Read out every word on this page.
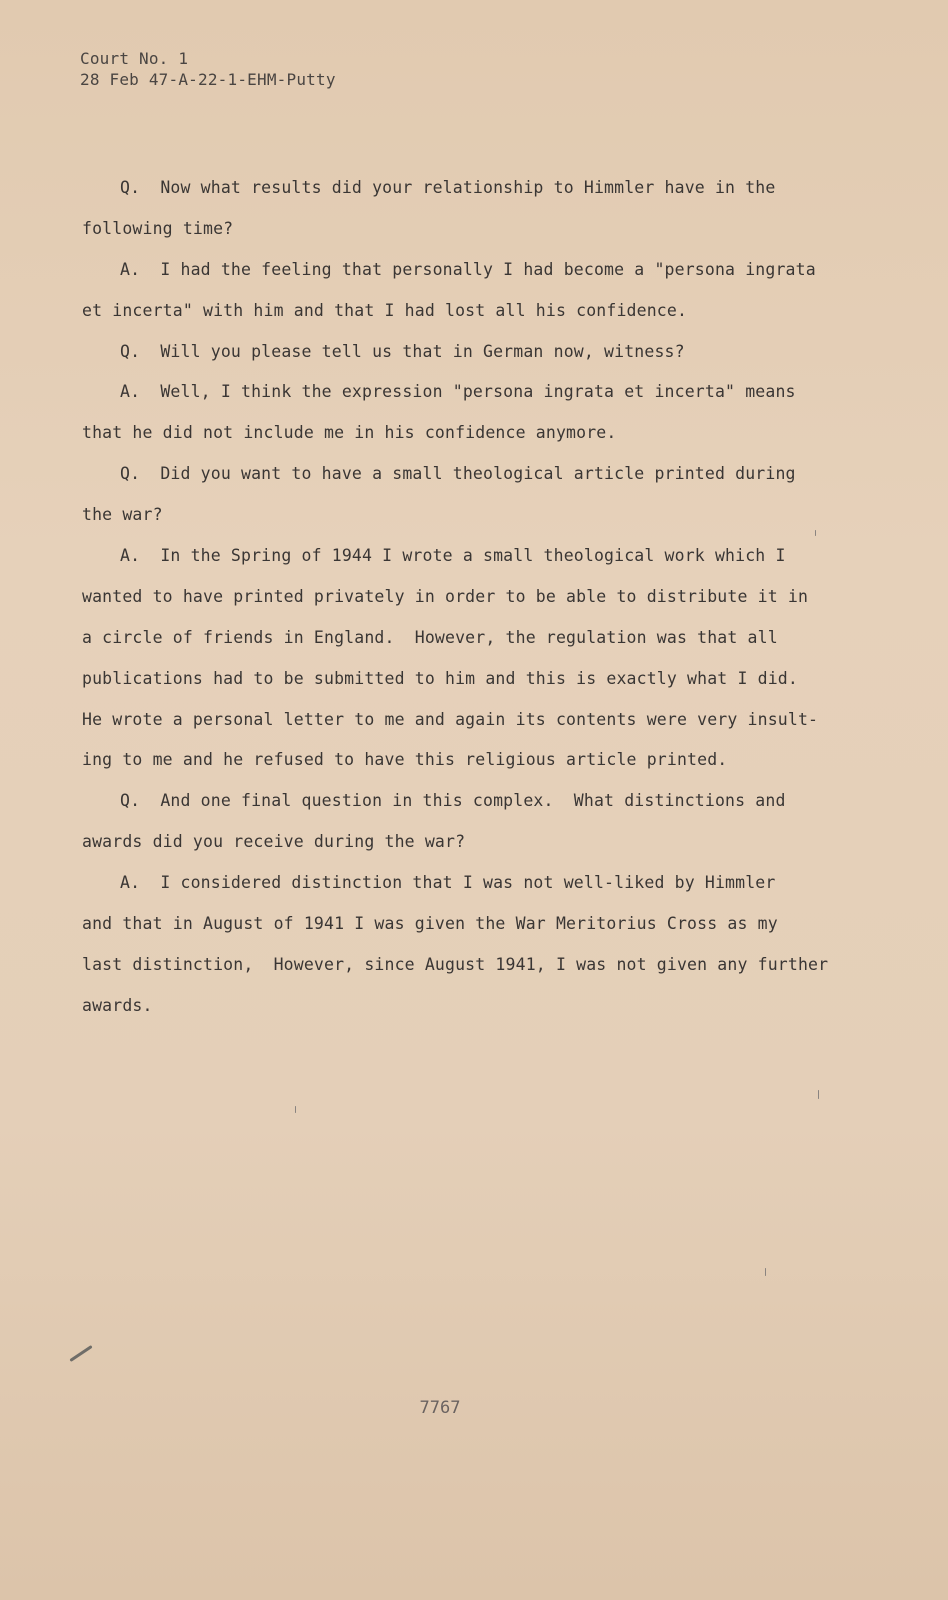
Court No. 1
28 Feb 47-A-22-1-EHM-Putty
Q.  Now what results did your relationship to Himmler have in the
following time?
A.  I had the feeling that personally I had become a "persona ingrata
et incerta" with him and that I had lost all his confidence.
Q.  Will you please tell us that in German now, witness?
A.  Well, I think the expression "persona ingrata et incerta" means
that he did not include me in his confidence anymore.
Q.  Did you want to have a small theological article printed during
the war?
A.  In the Spring of 1944 I wrote a small theological work which I
wanted to have printed privately in order to be able to distribute it in
a circle of friends in England.  However, the regulation was that all
publications had to be submitted to him and this is exactly what I did.
He wrote a personal letter to me and again its contents were very insult-
ing to me and he refused to have this religious article printed.
Q.  And one final question in this complex.  What distinctions and
awards did you receive during the war?
A.  I considered distinction that I was not well-liked by Himmler
and that in August of 1941 I was given the War Meritorius Cross as my
last distinction,  However, since August 1941, I was not given any further
awards.
7767
